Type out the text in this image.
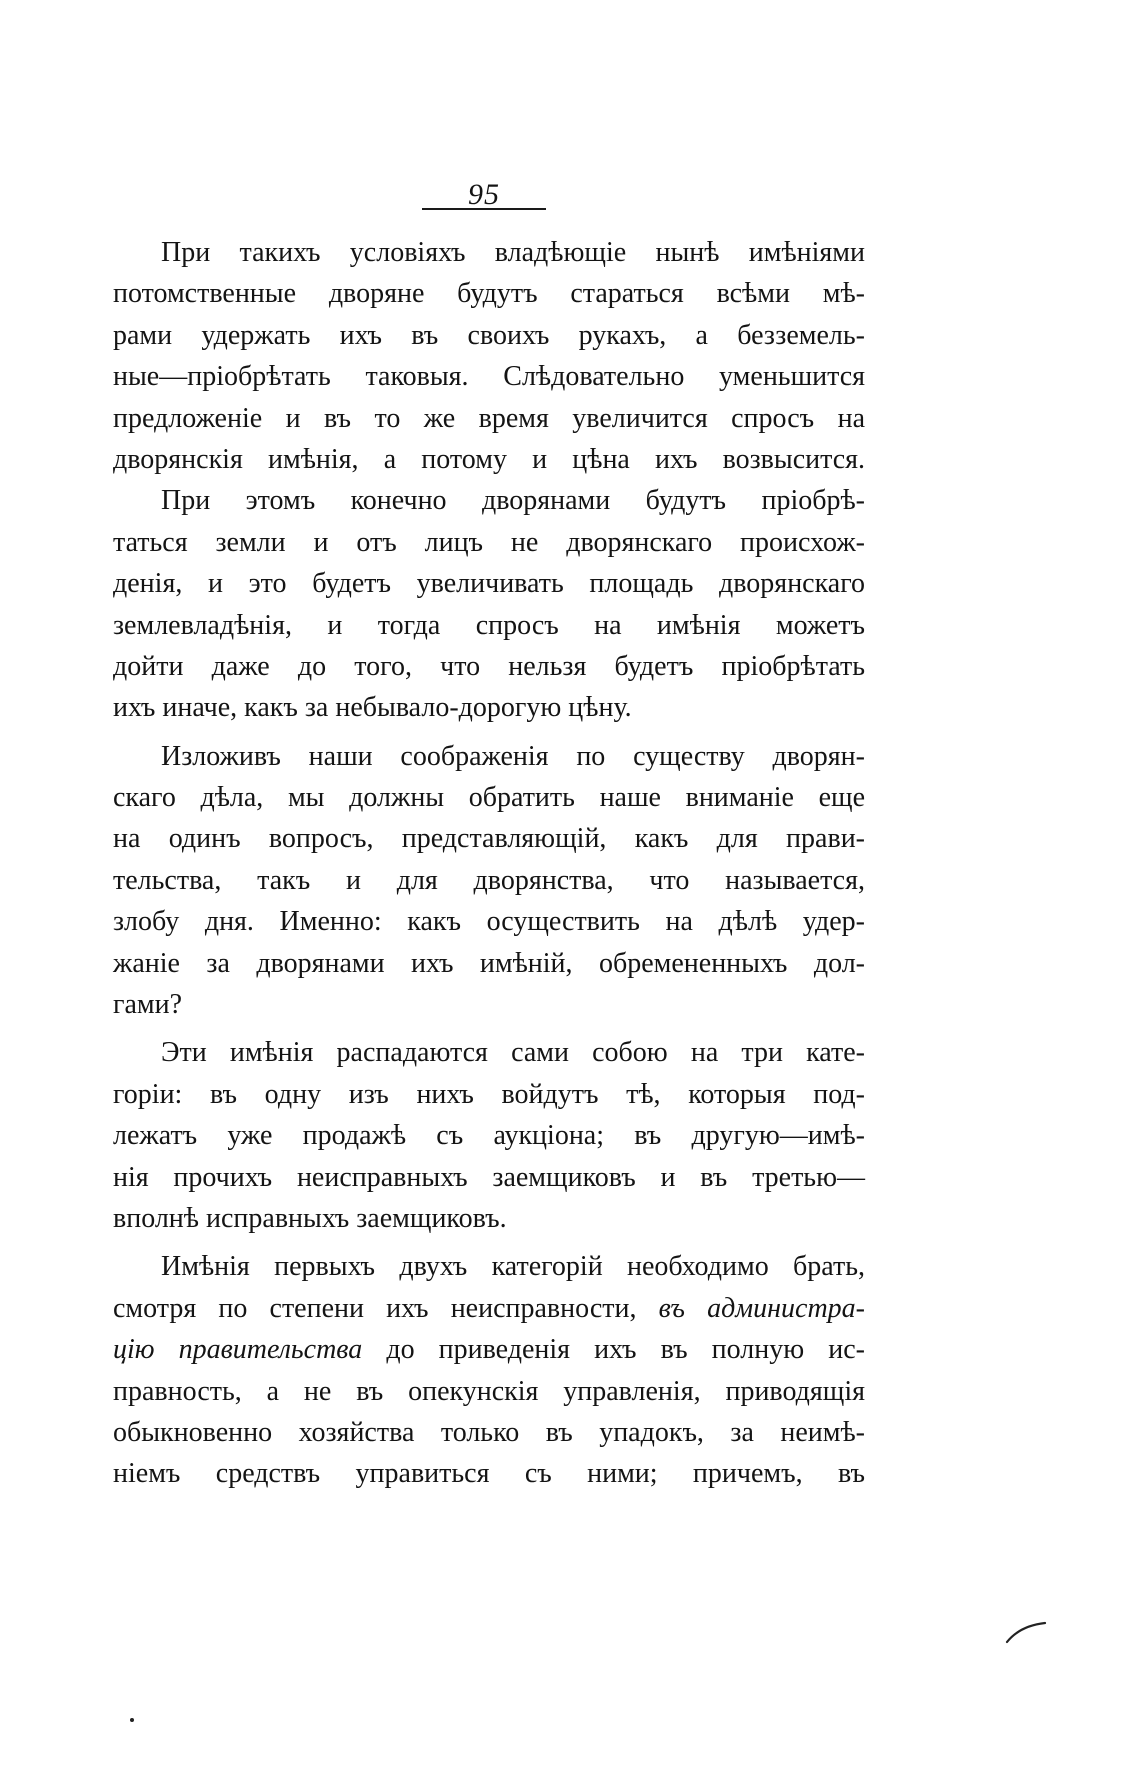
95
При такихъ условіяхъ владѣющіе нынѣ имѣніями
потомственные дворяне будутъ стараться всѣми мѣ-
рами удержать ихъ въ своихъ рукахъ, а безземель-
ные—пріобрѣтать таковыя. Слѣдовательно уменьшится
предложеніе и въ то же время увеличится спросъ на
дворянскія имѣнія, а потому и цѣна ихъ возвысится.
При этомъ конечно дворянами будутъ пріобрѣ-
таться земли и отъ лицъ не дворянскаго происхож-
денія, и это будетъ увеличивать площадь дворянскаго
землевладѣнія, и тогда спросъ на имѣнія можетъ
дойти даже до того, что нельзя будетъ пріобрѣтать
ихъ иначе, какъ за небывало-дорогую цѣну.
Изложивъ наши соображенія по существу дворян-
скаго дѣла, мы должны обратить наше вниманіе еще
на одинъ вопросъ, представляющій, какъ для прави-
тельства, такъ и для дворянства, что называется,
злобу дня. Именно: какъ осуществить на дѣлѣ удер-
жаніе за дворянами ихъ имѣній, обремененныхъ дол-
гами?
Эти имѣнія распадаются сами собою на три кате-
горіи: въ одну изъ нихъ войдутъ тѣ, которыя под-
лежатъ уже продажѣ съ аукціона; въ другую—имѣ-
нія прочихъ неисправныхъ заемщиковъ и въ третью—
вполнѣ исправныхъ заемщиковъ.
Имѣнія первыхъ двухъ категорій необходимо брать,
смотря по степени ихъ неисправности, въ администра-
цію правительства до приведенія ихъ въ полную ис-
правность, а не въ опекунскія управленія, приводящія
обыкновенно хозяйства только въ упадокъ, за неимѣ-
ніемъ средствъ управиться съ ними; причемъ, въ
